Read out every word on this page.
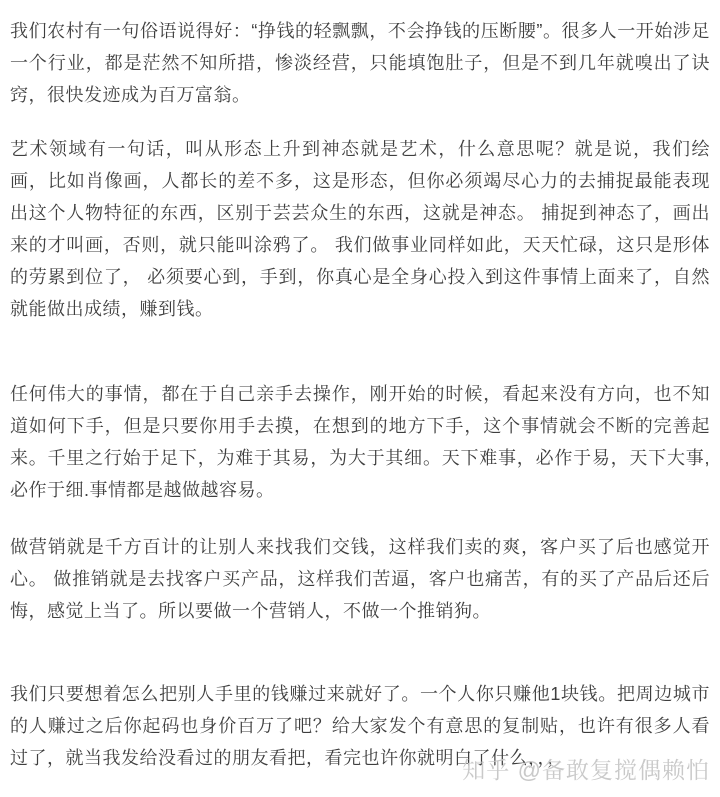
我们农村有一句俗语说得好：“挣钱的轻飘飘，不会挣钱的压断腰”。很多人一开始涉足一个行业，都是茫然不知所措，惨淡经营，只能填饱肚子，但是不到几年就嗅出了诀窍，很快发迹成为百万富翁。

艺术领域有一句话，叫从形态上升到神态就是艺术，什么意思呢？就是说，我们绘画，比如肖像画，人都长的差不多，这是形态，但你必须竭尽心力的去捕捉最能表现出这个人物特征的东西，区别于芸芸众生的东西，这就是神态。 捕捉到神态了，画出来的才叫画，否则，就只能叫涂鸦了。 我们做事业同样如此，天天忙碌，这只是形体的劳累到位了， 必须要心到，手到，你真心是全身心投入到这件事情上面来了，自然就能做出成绩，赚到钱。

任何伟大的事情，都在于自己亲手去操作，刚开始的时候，看起来没有方向，也不知道如何下手，但是只要你用手去摸，在想到的地方下手，这个事情就会不断的完善起来。千里之行始于足下，为难于其易，为大于其细。天下难事，必作于易，天下大事,必作于细.事情都是越做越容易。

做营销就是千方百计的让别人来找我们交钱，这样我们卖的爽，客户买了后也感觉开心。 做推销就是去找客户买产品，这样我们苦逼，客户也痛苦，有的买了产品后还后悔，感觉上当了。所以要做一个营销人，不做一个推销狗。

我们只要想着怎么把别人手里的钱赚过来就好了。一个人你只赚他1块钱。把周边城市的人赚过之后你起码也身价百万了吧？给大家发个有意思的复制贴，也许有很多人看过了，就当我发给没看过的朋友看把，看完也许你就明白了什么，，，

知乎 @备敢复搅偶赖怕
